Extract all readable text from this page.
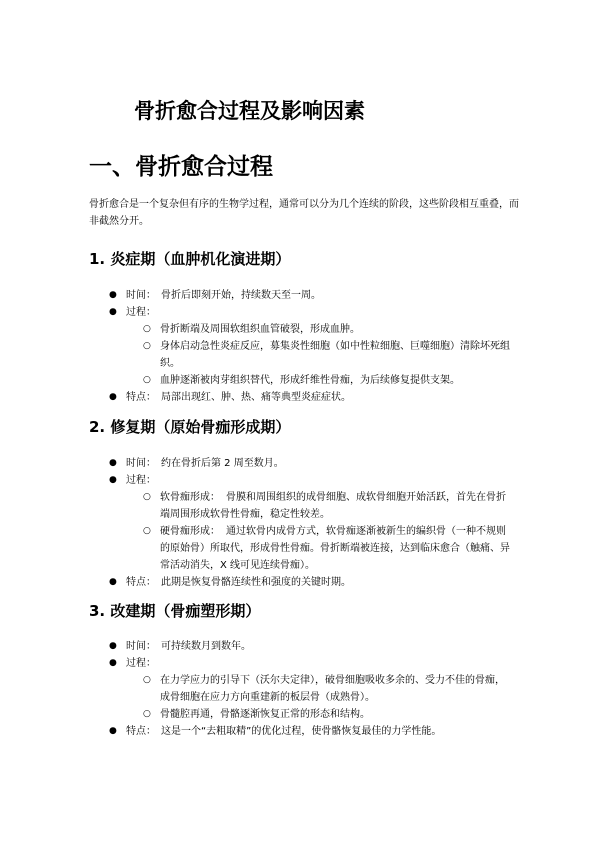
骨折愈合过程及影响因素
一、骨折愈合过程
骨折愈合是一个复杂但有序的生物学过程，通常可以分为几个连续的阶段，这些阶段相互重叠，而非截然分开。
1. 炎症期（血肿机化演进期）
● 时间： 骨折后即刻开始，持续数天至一周。
● 过程：
○ 骨折断端及周围软组织血管破裂，形成血肿。
○ 身体启动急性炎症反应，募集炎性细胞（如中性粒细胞、巨噬细胞）清除坏死组织。
○ 血肿逐渐被肉芽组织替代，形成纤维性骨痂，为后续修复提供支架。
● 特点： 局部出现红、肿、热、痛等典型炎症症状。
2. 修复期（原始骨痂形成期）
● 时间： 约在骨折后第 2 周至数月。
● 过程：
○ 软骨痂形成： 骨膜和周围组织的成骨细胞、成软骨细胞开始活跃，首先在骨折端周围形成软骨性骨痂，稳定性较差。
○ 硬骨痂形成： 通过软骨内成骨方式，软骨痂逐渐被新生的编织骨（一种不规则的原始骨）所取代，形成骨性骨痂。骨折断端被连接，达到临床愈合（触痛、异常活动消失，X 线可见连续骨痂）。
● 特点： 此期是恢复骨骼连续性和强度的关键时期。
3. 改建期（骨痂塑形期）
● 时间： 可持续数月到数年。
● 过程：
○ 在力学应力的引导下（沃尔夫定律），破骨细胞吸收多余的、受力不佳的骨痂，成骨细胞在应力方向重建新的板层骨（成熟骨）。
○ 骨髓腔再通，骨骼逐渐恢复正常的形态和结构。
● 特点： 这是一个“去粗取精”的优化过程，使骨骼恢复最佳的力学性能。
